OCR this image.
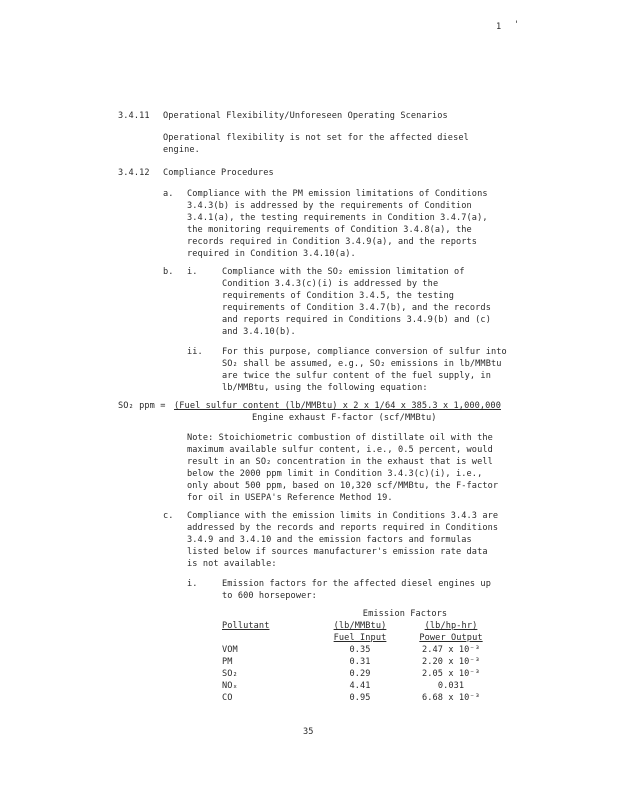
1 '
3.4.11 Operational Flexibility/Unforeseen Operating Scenarios
Operational flexibility is not set for the affected diesel
engine.
3.4.12 Compliance Procedures
a. Compliance with the PM emission limitations of Conditions
3.4.3(b) is addressed by the requirements of Condition
3.4.1(a), the testing requirements in Condition 3.4.7(a),
the monitoring requirements of Condition 3.4.8(a), the
records required in Condition 3.4.9(a), and the reports
required in Condition 3.4.10(a).
b. i.	Compliance with the SO₂ emission limitation of
Condition 3.4.3(c)(i) is addressed by the
requirements of Condition 3.4.5, the testing
requirements of Condition 3.4.7(b), and the records
and reports required in Conditions 3.4.9(b) and (c)
and 3.4.10(b).
ii. For this purpose, compliance conversion of sulfur into
SO₂ shall be assumed, e.g., SO₂ emissions in lb/MMBtu
are twice the sulfur content of the fuel supply, in
lb/MMBtu, using the following equation:
SO₂ ppm = (Fuel sulfur content (lb/MMBtu) x 2 x 1/64 x 385.3 x 1,000,000
Engine exhaust F-factor (scf/MMBtu)
Note: Stoichiometric combustion of distillate oil with the
maximum available sulfur content, i.e., 0.5 percent, would
result in an SO₂ concentration in the exhaust that is well
below the 2000 ppm limit in Condition 3.4.3(c)(i), i.e.,
only about 500 ppm, based on 10,320 scf/MMBtu, the F-factor
for oil in USEPA's Reference Method 19.
c. Compliance with the emission limits in Conditions 3.4.3 are
addressed by the records and reports required in Conditions
3.4.9 and 3.4.10 and the emission factors and formulas
listed below if sources manufacturer's emission rate data
is not available:
i.	Emission factors for the affected diesel engines up
to 600 horsepower:
	Emission Factors	
Pollutant	(lb/MMBtu)	(lb/hp-hr)
	Fuel Input	Power Output
VOM	0.35	2.47 x 10⁻³
PM	0.31	2.20 x 10⁻³
SO₂	0.29	2.05 x 10⁻³
NOₓ	4.41	0.031
CO	0.95	6.68 x 10⁻³
35
